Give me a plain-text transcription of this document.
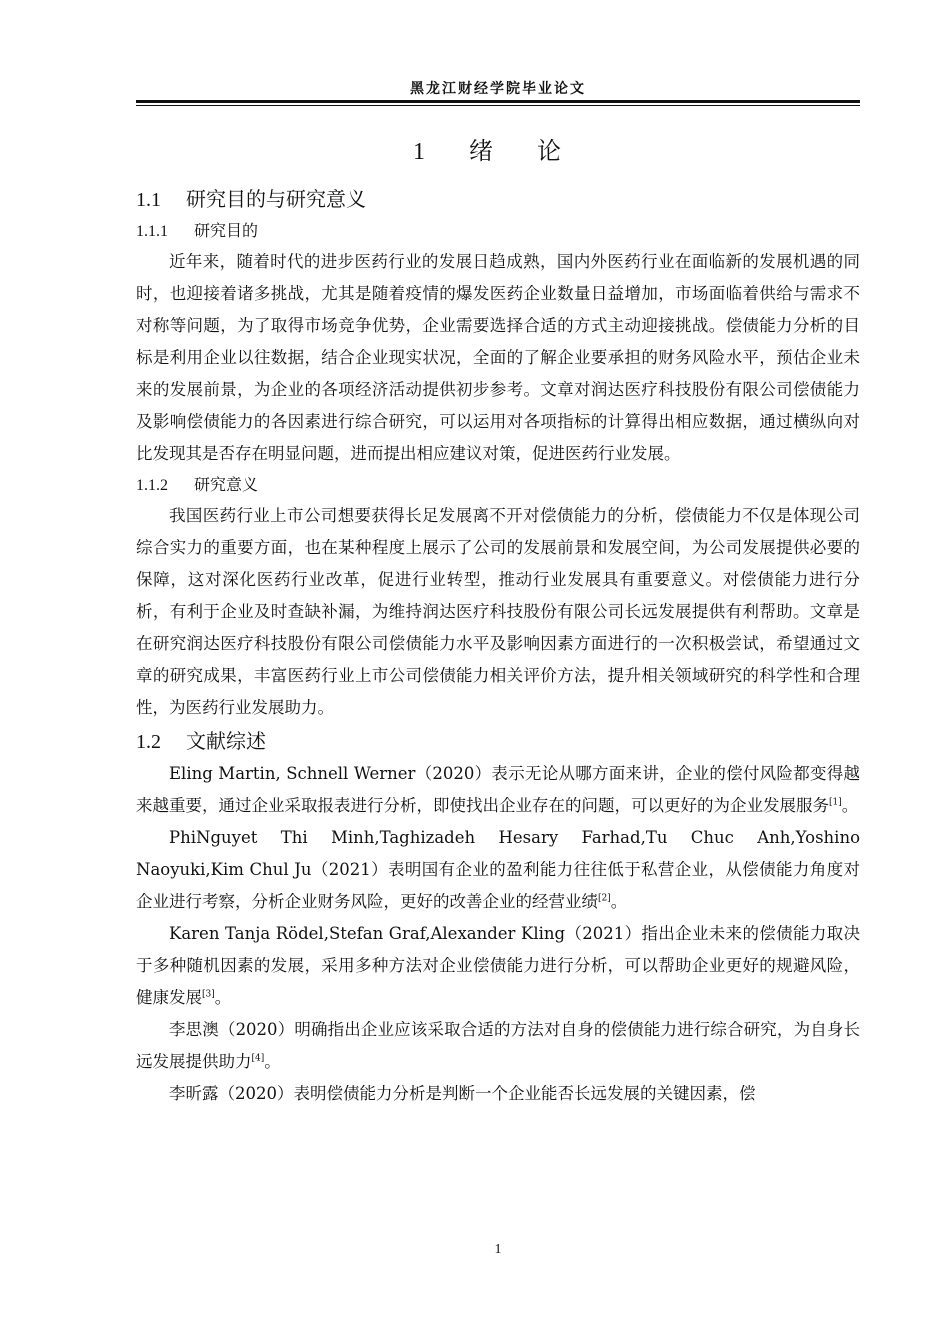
黑龙江财经学院毕业论文
1 绪 论
1.1 研究目的与研究意义
1.1.1 研究目的

近年来，随着时代的进步医药行业的发展日趋成熟，国内外医药行业在面临新的发展机遇的同时，也迎接着诸多挑战，尤其是随着疫情的爆发医药企业数量日益增加，市场面临着供给与需求不对称等问题，为了取得市场竞争优势，企业需要选择合适的方式主动迎接挑战。偿债能力分析的目标是利用企业以往数据，结合企业现实状况，全面的了解企业要承担的财务风险水平，预估企业未来的发展前景，为企业的各项经济活动提供初步参考。文章对润达医疗科技股份有限公司偿债能力及影响偿债能力的各因素进行综合研究，可以运用对各项指标的计算得出相应数据，通过横纵向对比发现其是否存在明显问题，进而提出相应建议对策，促进医药行业发展。

1.1.2 研究意义

我国医药行业上市公司想要获得长足发展离不开对偿债能力的分析，偿债能力不仅是体现公司综合实力的重要方面，也在某种程度上展示了公司的发展前景和发展空间，为公司发展提供必要的保障，这对深化医药行业改革，促进行业转型，推动行业发展具有重要意义。对偿债能力进行分析，有利于企业及时查缺补漏，为维持润达医疗科技股份有限公司长远发展提供有利帮助。文章是在研究润达医疗科技股份有限公司偿债能力水平及影响因素方面进行的一次积极尝试，希望通过文章的研究成果，丰富医药行业上市公司偿债能力相关评价方法，提升相关领域研究的科学性和合理性，为医药行业发展助力。

1.2 文献综述

Eling Martin, Schnell Werner（2020）表示无论从哪方面来讲，企业的偿付风险都变得越来越重要，通过企业采取报表进行分析，即使找出企业存在的问题，可以更好的为企业发展服务[1]。

PhiNguyet Thi Minh,Taghizadeh Hesary Farhad,Tu Chuc Anh,Yoshino Naoyuki,Kim Chul Ju（2021）表明国有企业的盈利能力往往低于私营企业，从偿债能力角度对企业进行考察，分析企业财务风险，更好的改善企业的经营业绩[2]。

Karen Tanja Rödel,Stefan Graf,Alexander Kling（2021）指出企业未来的偿债能力取决于多种随机因素的发展，采用多种方法对企业偿债能力进行分析，可以帮助企业更好的规避风险，健康发展[3]。

李思澳（2020）明确指出企业应该采取合适的方法对自身的偿债能力进行综合研究，为自身长远发展提供助力[4]。

李昕露（2020）表明偿债能力分析是判断一个企业能否长远发展的关键因素，偿

1
